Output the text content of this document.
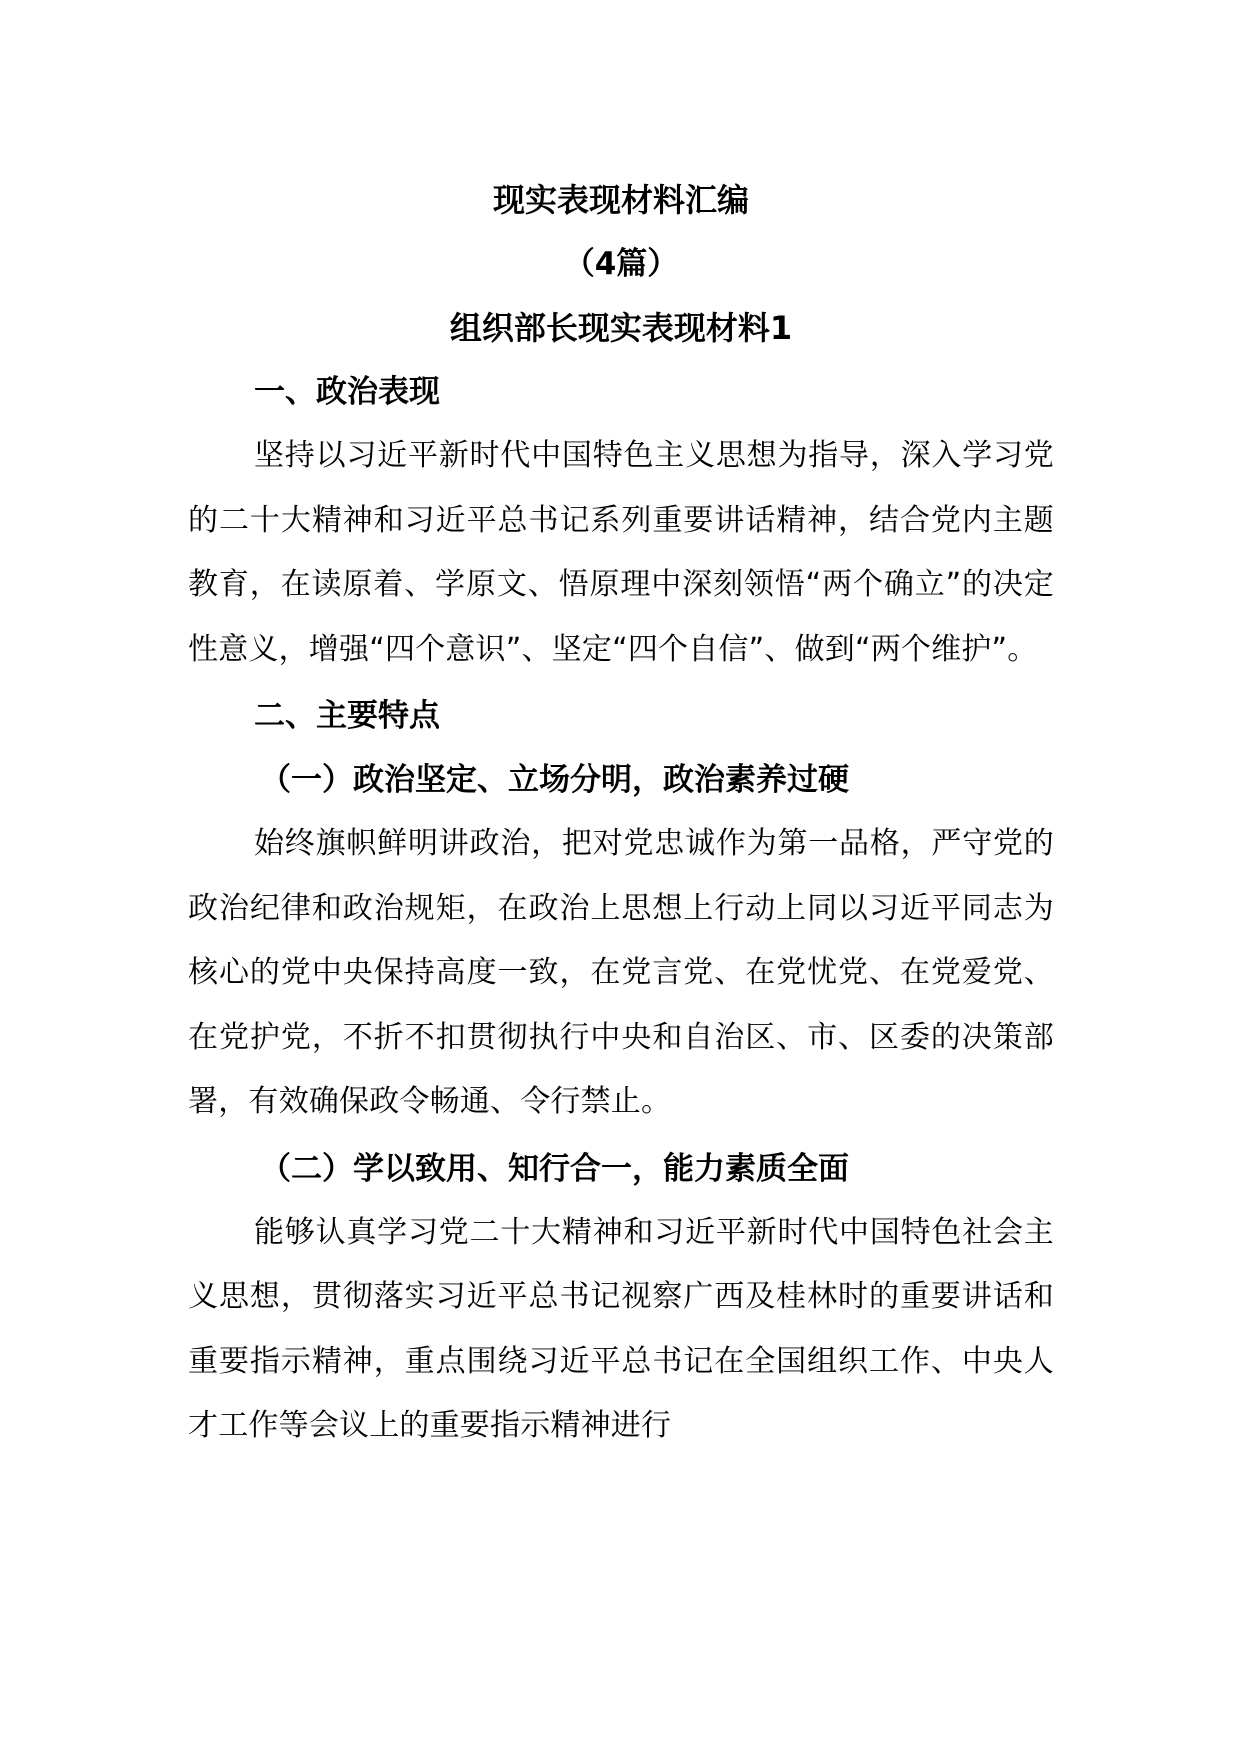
现实表现材料汇编

（4篇）

组织部长现实表现材料1

一、政治表现

坚持以习近平新时代中国特色主义思想为指导，深入学习党的二十大精神和习近平总书记系列重要讲话精神，结合党内主题教育，在读原着、学原文、悟原理中深刻领悟“两个确立”的决定性意义，增强“四个意识”、坚定“四个自信”、做到“两个维护”。

二、主要特点

（一）政治坚定、立场分明，政治素养过硬

始终旗帜鲜明讲政治，把对党忠诚作为第一品格，严守党的政治纪律和政治规矩，在政治上思想上行动上同以习近平同志为核心的党中央保持高度一致，在党言党、在党忧党、在党爱党、在党护党，不折不扣贯彻执行中央和自治区、市、区委的决策部署，有效确保政令畅通、令行禁止。

（二）学以致用、知行合一，能力素质全面

能够认真学习党二十大精神和习近平新时代中国特色社会主义思想，贯彻落实习近平总书记视察广西及桂林时的重要讲话和重要指示精神，重点围绕习近平总书记在全国组织工作、中央人才工作等会议上的重要指示精神进行
